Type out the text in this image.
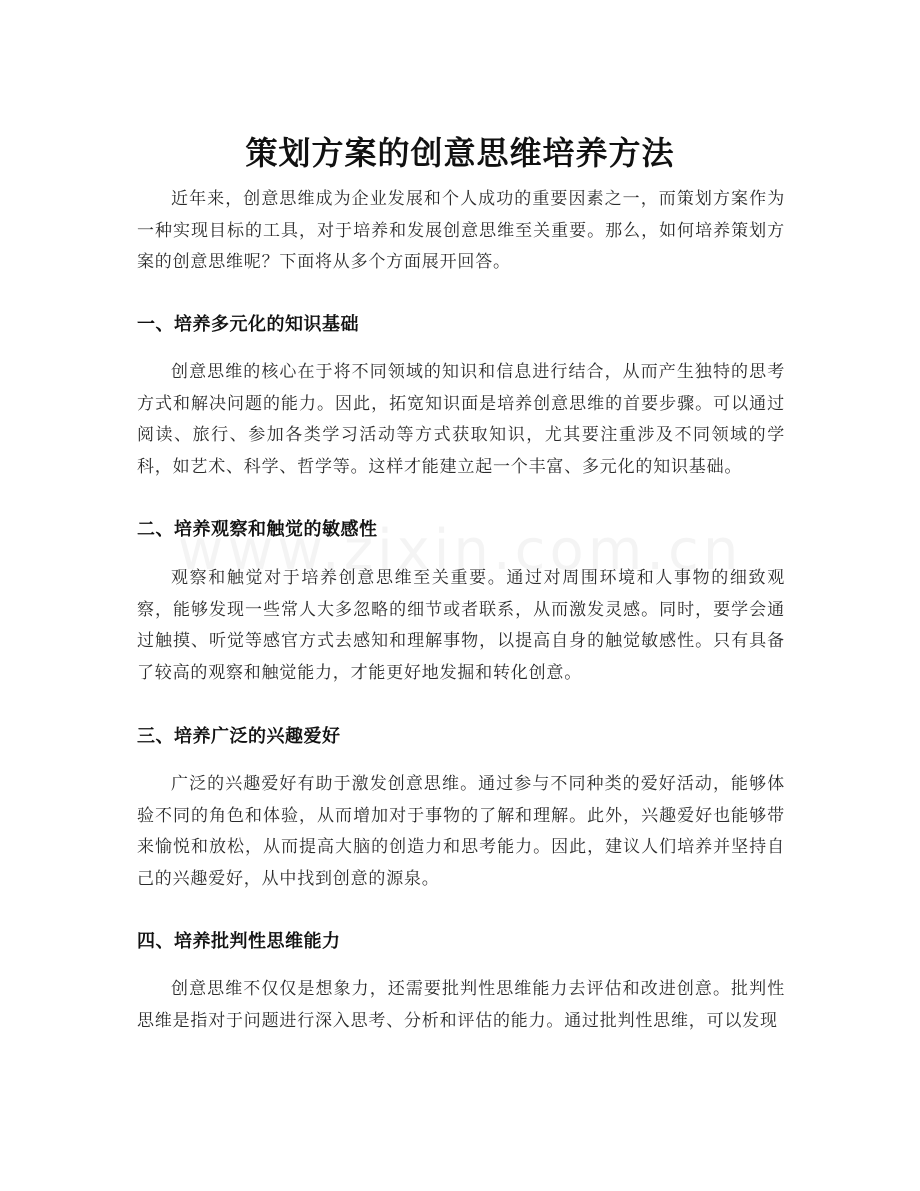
策划方案的创意思维培养方法

近年来，创意思维成为企业发展和个人成功的重要因素之一，而策划方案作为一种实现目标的工具，对于培养和发展创意思维至关重要。那么，如何培养策划方案的创意思维呢？下面将从多个方面展开回答。

一、培养多元化的知识基础

创意思维的核心在于将不同领域的知识和信息进行结合，从而产生独特的思考方式和解决问题的能力。因此，拓宽知识面是培养创意思维的首要步骤。可以通过阅读、旅行、参加各类学习活动等方式获取知识，尤其要注重涉及不同领域的学科，如艺术、科学、哲学等。这样才能建立起一个丰富、多元化的知识基础。

二、培养观察和触觉的敏感性

观察和触觉对于培养创意思维至关重要。通过对周围环境和人事物的细致观察，能够发现一些常人大多忽略的细节或者联系，从而激发灵感。同时，要学会通过触摸、听觉等感官方式去感知和理解事物，以提高自身的触觉敏感性。只有具备了较高的观察和触觉能力，才能更好地发掘和转化创意。

三、培养广泛的兴趣爱好

广泛的兴趣爱好有助于激发创意思维。通过参与不同种类的爱好活动，能够体验不同的角色和体验，从而增加对于事物的了解和理解。此外，兴趣爱好也能够带来愉悦和放松，从而提高大脑的创造力和思考能力。因此，建议人们培养并坚持自己的兴趣爱好，从中找到创意的源泉。

四、培养批判性思维能力

创意思维不仅仅是想象力，还需要批判性思维能力去评估和改进创意。批判性思维是指对于问题进行深入思考、分析和评估的能力。通过批判性思维，可以发现
